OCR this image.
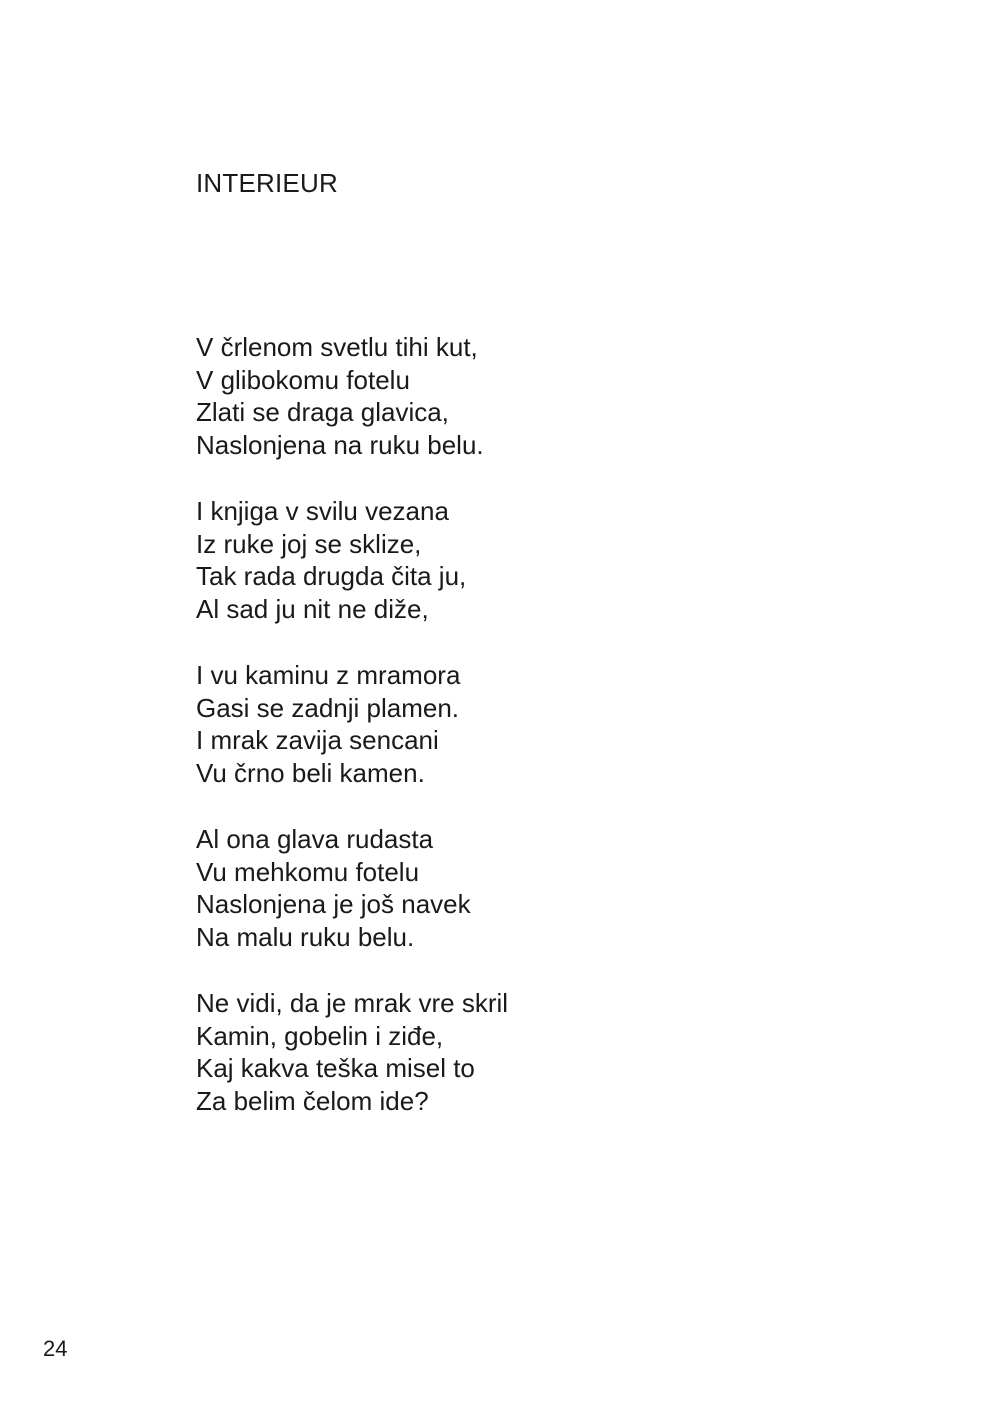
INTERIEUR
V črlenom svetlu tihi kut,
V glibokomu fotelu
Zlati se draga glavica,
Naslonjena na ruku belu.
I knjiga v svilu vezana
Iz ruke joj se sklize,
Tak rada drugda čita ju,
Al sad ju nit ne diže,
I vu kaminu z mramora
Gasi se zadnji plamen.
I mrak zavija sencani
Vu črno beli kamen.
Al ona glava rudasta
Vu mehkomu fotelu
Naslonjena je još navek
Na malu ruku belu.
Ne vidi, da je mrak vre skril
Kamin, gobelin i ziđe,
Kaj kakva teška misel to
Za belim čelom ide?
24
